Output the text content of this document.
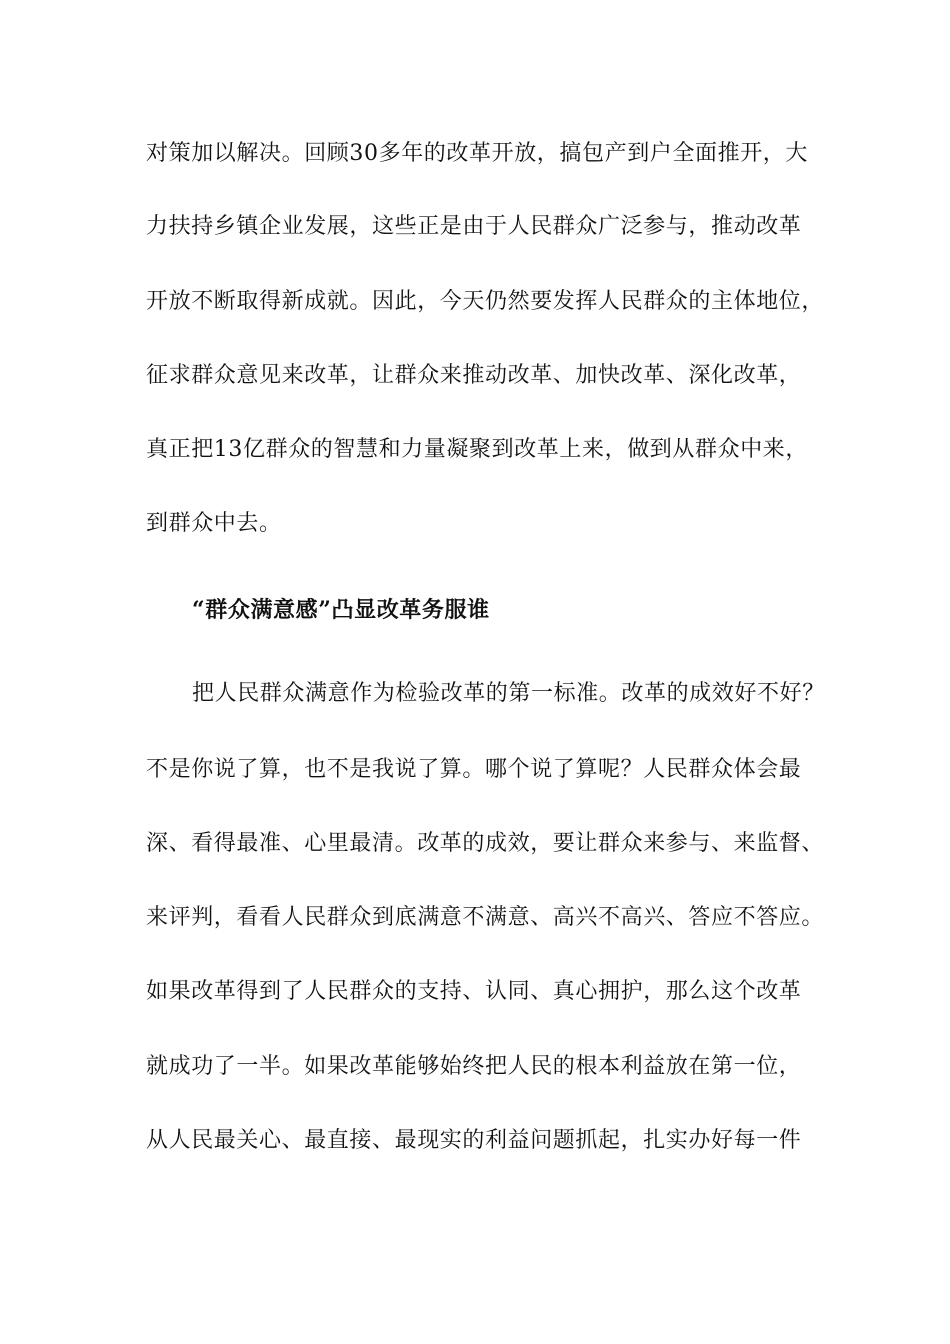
对策加以解决。回顾30多年的改革开放，搞包产到户全面推开，大
力扶持乡镇企业发展，这些正是由于人民群众广泛参与，推动改革
开放不断取得新成就。因此，今天仍然要发挥人民群众的主体地位，
征求群众意见来改革，让群众来推动改革、加快改革、深化改革，
真正把13亿群众的智慧和力量凝聚到改革上来，做到从群众中来，
到群众中去。
“群众满意感”凸显改革务服谁
把人民群众满意作为检验改革的第一标准。改革的成效好不好？
不是你说了算，也不是我说了算。哪个说了算呢？人民群众体会最
深、看得最准、心里最清。改革的成效，要让群众来参与、来监督、
来评判，看看人民群众到底满意不满意、高兴不高兴、答应不答应。
如果改革得到了人民群众的支持、认同、真心拥护，那么这个改革
就成功了一半。如果改革能够始终把人民的根本利益放在第一位，
从人民最关心、最直接、最现实的利益问题抓起，扎实办好每一件
